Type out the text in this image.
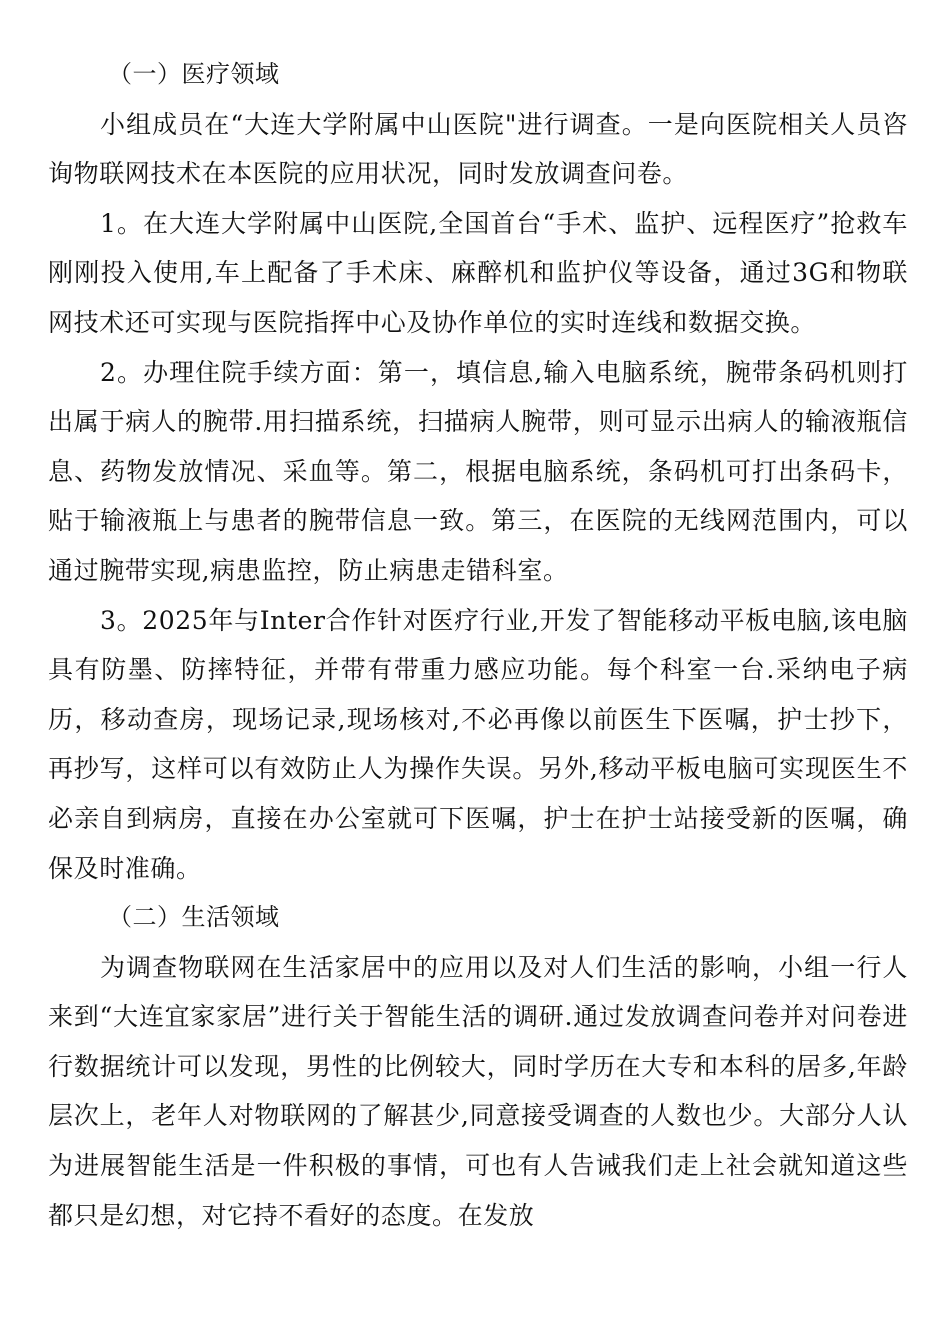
（一）医疗领域

小组成员在“大连大学附属中山医院"进行调查。一是向医院相关人员咨询物联网技术在本医院的应用状况，同时发放调查问卷。

1。在大连大学附属中山医院,全国首台“手术、监护、远程医疗”抢救车刚刚投入使用,车上配备了手术床、麻醉机和监护仪等设备，通过3G和物联网技术还可实现与医院指挥中心及协作单位的实时连线和数据交换。

2。办理住院手续方面：第一，填信息,输入电脑系统，腕带条码机则打出属于病人的腕带.用扫描系统，扫描病人腕带，则可显示出病人的输液瓶信息、药物发放情况、采血等。第二，根据电脑系统，条码机可打出条码卡，贴于输液瓶上与患者的腕带信息一致。第三，在医院的无线网范围内，可以通过腕带实现,病患监控，防止病患走错科室。

3。2025年与Inter合作针对医疗行业,开发了智能移动平板电脑,该电脑具有防墨、防摔特征，并带有带重力感应功能。每个科室一台.采纳电子病历，移动查房，现场记录,现场核对,不必再像以前医生下医嘱，护士抄下，再抄写，这样可以有效防止人为操作失误。另外,移动平板电脑可实现医生不必亲自到病房，直接在办公室就可下医嘱，护士在护士站接受新的医嘱，确保及时准确。

（二）生活领域

为调查物联网在生活家居中的应用以及对人们生活的影响，小组一行人来到“大连宜家家居”进行关于智能生活的调研.通过发放调查问卷并对问卷进行数据统计可以发现，男性的比例较大，同时学历在大专和本科的居多,年龄层次上，老年人对物联网的了解甚少,同意接受调查的人数也少。大部分人认为进展智能生活是一件积极的事情，可也有人告诫我们走上社会就知道这些都只是幻想，对它持不看好的态度。在发放
